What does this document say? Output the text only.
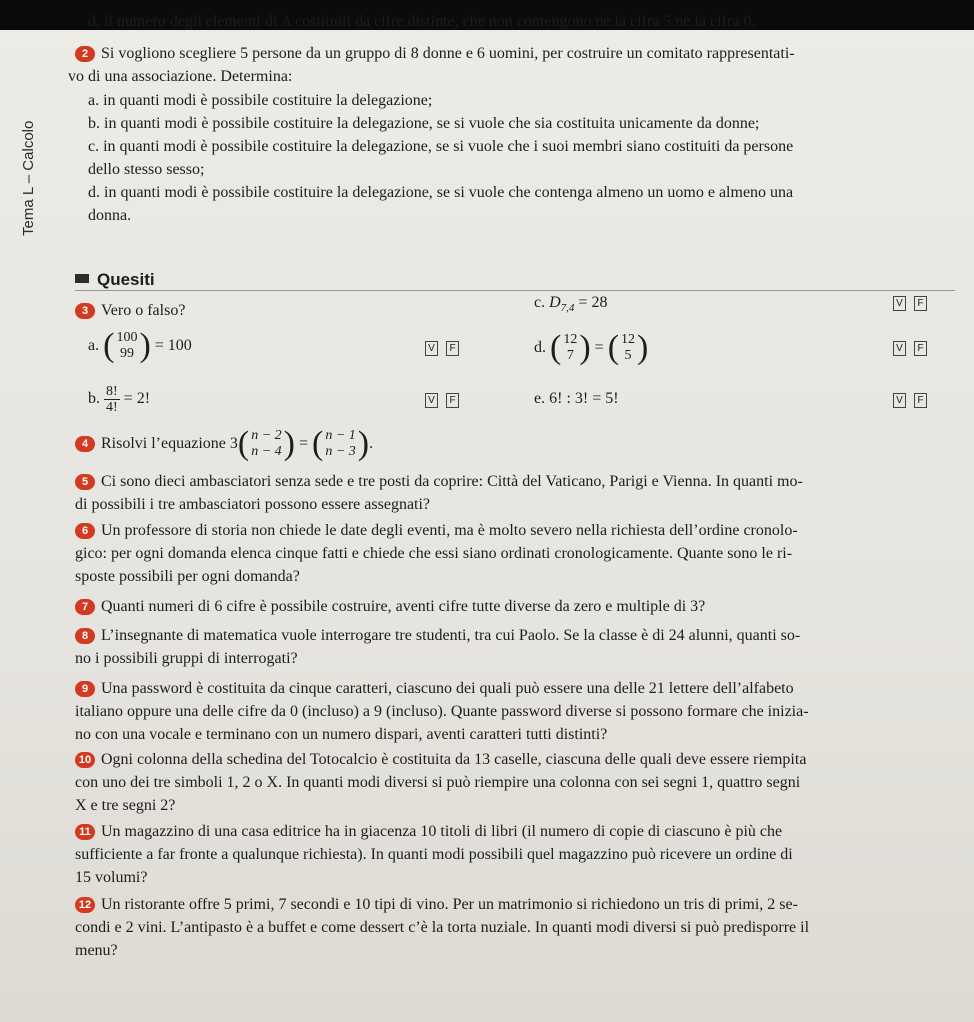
Tema L – Calcolo
d. il numero degli elementi di A costituiti da cifre distinte, che non contengono né la cifra 5 né la cifra 0.
2 Si vogliono scegliere 5 persone da un gruppo di 8 donne e 6 uomini, per costruire un comitato rappresentati-
vo di una associazione. Determina:
a. in quanti modi è possibile costituire la delegazione;
b. in quanti modi è possibile costituire la delegazione, se si vuole che sia costituita unicamente da donne;
c. in quanti modi è possibile costituire la delegazione, se si vuole che i suoi membri siano costituiti da persone
dello stesso sesso;
d. in quanti modi è possibile costituire la delegazione, se si vuole che contenga almeno un uomo e almeno una
donna.
Quesiti
3 Vero o falso?
a. ( 100
99 ) = 100	V F
b. $\frac{8!}{4!} = 2$!	V F
c. $D_{7,4} = 28$	V F
d. ( 12
7 ) = ( 12
5 )	V F
e. 6! : 3! = 5!	V F
4 Risolvi l’equazione 3 ( n − 2
n − 4 ) = ( n − 1
n − 3 ) .
5 Ci sono dieci ambasciatori senza sede e tre posti da coprire: Città del Vaticano, Parigi e Vienna. In quanti mo-
di possibili i tre ambasciatori possono essere assegnati?
6 Un professore di storia non chiede le date degli eventi, ma è molto severo nella richiesta dell’ordine cronolo-
gico: per ogni domanda elenca cinque fatti e chiede che essi siano ordinati cronologicamente. Quante sono le ri-
sposte possibili per ogni domanda?
7 Quanti numeri di 6 cifre è possibile costruire, aventi cifre tutte diverse da zero e multiple di 3?
8 L’insegnante di matematica vuole interrogare tre studenti, tra cui Paolo. Se la classe è di 24 alunni, quanti so-
no i possibili gruppi di interrogati?
9 Una password è costituita da cinque caratteri, ciascuno dei quali può essere una delle 21 lettere dell’alfabeto
italiano oppure una delle cifre da 0 (incluso) a 9 (incluso). Quante password diverse si possono formare che inizia-
no con una vocale e terminano con un numero dispari, aventi caratteri tutti distinti?
10 Ogni colonna della schedina del Totocalcio è costituita da 13 caselle, ciascuna delle quali deve essere riempita
con uno dei tre simboli 1, 2 o X. In quanti modi diversi si può riempire una colonna con sei segni 1, quattro segni
X e tre segni 2?
11 Un magazzino di una casa editrice ha in giacenza 10 titoli di libri (il numero di copie di ciascuno è più che
sufficiente a far fronte a qualunque richiesta). In quanti modi possibili quel magazzino può ricevere un ordine di
15 volumi?
12 Un ristorante offre 5 primi, 7 secondi e 10 tipi di vino. Per un matrimonio si richiedono un tris di primi, 2 se-
condi e 2 vini. L’antipasto è a buffet e come dessert c’è la torta nuziale. In quanti modi diversi si può predisporre il
menu?
